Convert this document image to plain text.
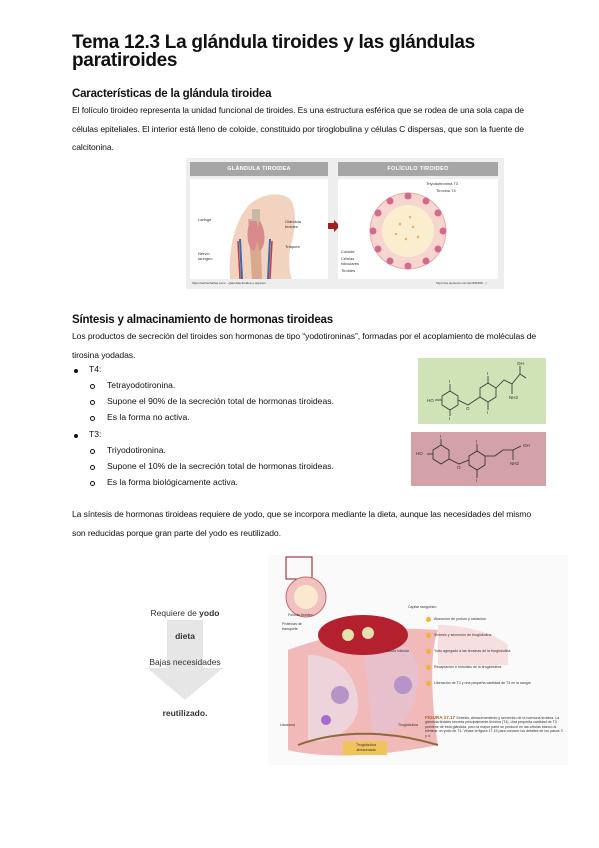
Tema 12.3 La glándula tiroides y las glándulas paratiroides
Características de la glándula tiroidea
El folículo tiroideo representa la unidad funcional de tiroides. Es una estructura esférica que se rodea de una sola capa de células epiteliales. El interior está lleno de coloide, constituido por tiroglobulina y células C dispersas, que son la fuente de calcitonina.
GLÁNDULA TIROIDEA	FOLÍCULO TIROIDEO
Laringe	Glándula tiroides
Tráquea
Nervio laríngeo
https://sobrecharlas.com/…/glandula-tiroides-y-organos
Triyodotironina T3
Tiroxina T4
Coloide
Células foliculares
Tiroides
https://es.pinterest.com/pin/486459…/
Síntesis y almacinamiento de hormonas tiroideas
Los productos de secreción del tiroides son hormonas de tipo “yodotironinas”, formadas por el acoplamiento de moléculas de tirosina yodadas.
T4:
Tetrayodotironina.
Supone el 90% de la secreción total de hormonas tiroideas.
Es la forma no activa.
T3:
Triyodotironina.
Supone el 10% de la secreción total de hormonas tiroideas.
Es la forma biológicamente activa.
OH
O
NH2
HO
I
I
I
I
HO
I
OH
O
NH2
I
I
La síntesis de hormonas tiroideas requiere de yodo, que se incorpora mediante la dieta, aunque las necesidades del mismo son reducidas porque gran parte del yodo es reutilizado.
Requiere de yodo
dieta
Bajas necesidades
reutilizado.
Folículo tiroideo
Proteínas de transporte
Capilar sanguíneo
Célula folicular
Lisosoma	Tiroglobulina
Tiroglobulina almacenada
Absorción de yoduro y oxidación
Síntesis y secreción de tiroglobulina
Yodo agregado a las tirosinas de la tiroglobulina
Recaptación e hidrólisis de la tiroglobulina
Liberación de T3 y una pequeña cantidad de T4 en la sangre
FIGURA 17.17 Síntesis, almacenamiento y secreción de la hormona tiroidea. La glándula tiroides secreta principalmente tiroxina (T4). Una pequeña cantidad de T3 proviene de esta glándula, pero la mayor parte se produce en las células blanco al eliminar un yodo de T4. Véase la figura 17.15 para conocer los detalles de los pasos 3 y 4.
